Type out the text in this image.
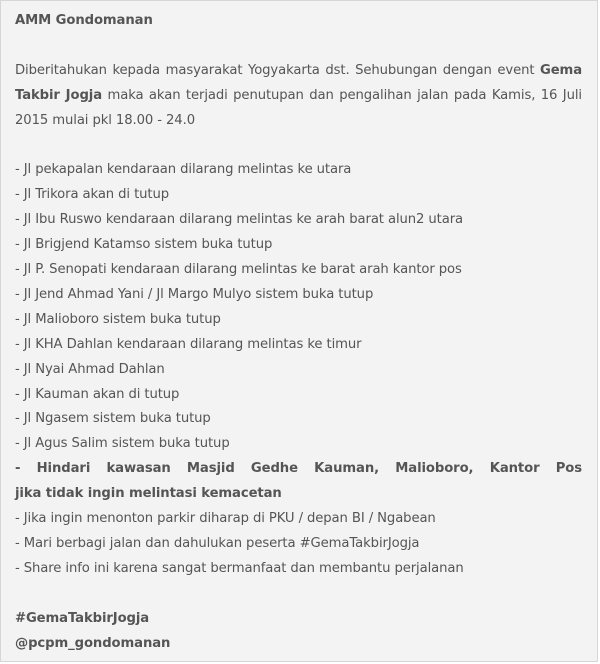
AMM Gondomanan
Diberitahukan kepada masyarakat Yogyakarta dst. Sehubungan dengan event Gema Takbir Jogja maka akan terjadi penutupan dan pengalihan jalan pada Kamis, 16 Juli 2015 mulai pkl 18.00 - 24.0
- Jl pekapalan kendaraan dilarang melintas ke utara
- Jl Trikora akan di tutup
- Jl Ibu Ruswo kendaraan dilarang melintas ke arah barat alun2 utara
- Jl Brigjend Katamso sistem buka tutup
- Jl P. Senopati kendaraan dilarang melintas ke barat arah kantor pos
- Jl Jend Ahmad Yani / Jl Margo Mulyo sistem buka tutup
- Jl Malioboro sistem buka tutup
- Jl KHA Dahlan kendaraan dilarang melintas ke timur
- Jl Nyai Ahmad Dahlan
- Jl Kauman akan di tutup
- Jl Ngasem sistem buka tutup
- Jl Agus Salim sistem buka tutup
- Hindari kawasan Masjid Gedhe Kauman, Malioboro, Kantor Pos
jika tidak ingin melintasi kemacetan
- Jika ingin menonton parkir diharap di PKU / depan BI / Ngabean
- Mari berbagi jalan dan dahulukan peserta #GemaTakbirJogja
- Share info ini karena sangat bermanfaat dan membantu perjalanan
#GemaTakbirJogja
@pcpm_gondomanan
